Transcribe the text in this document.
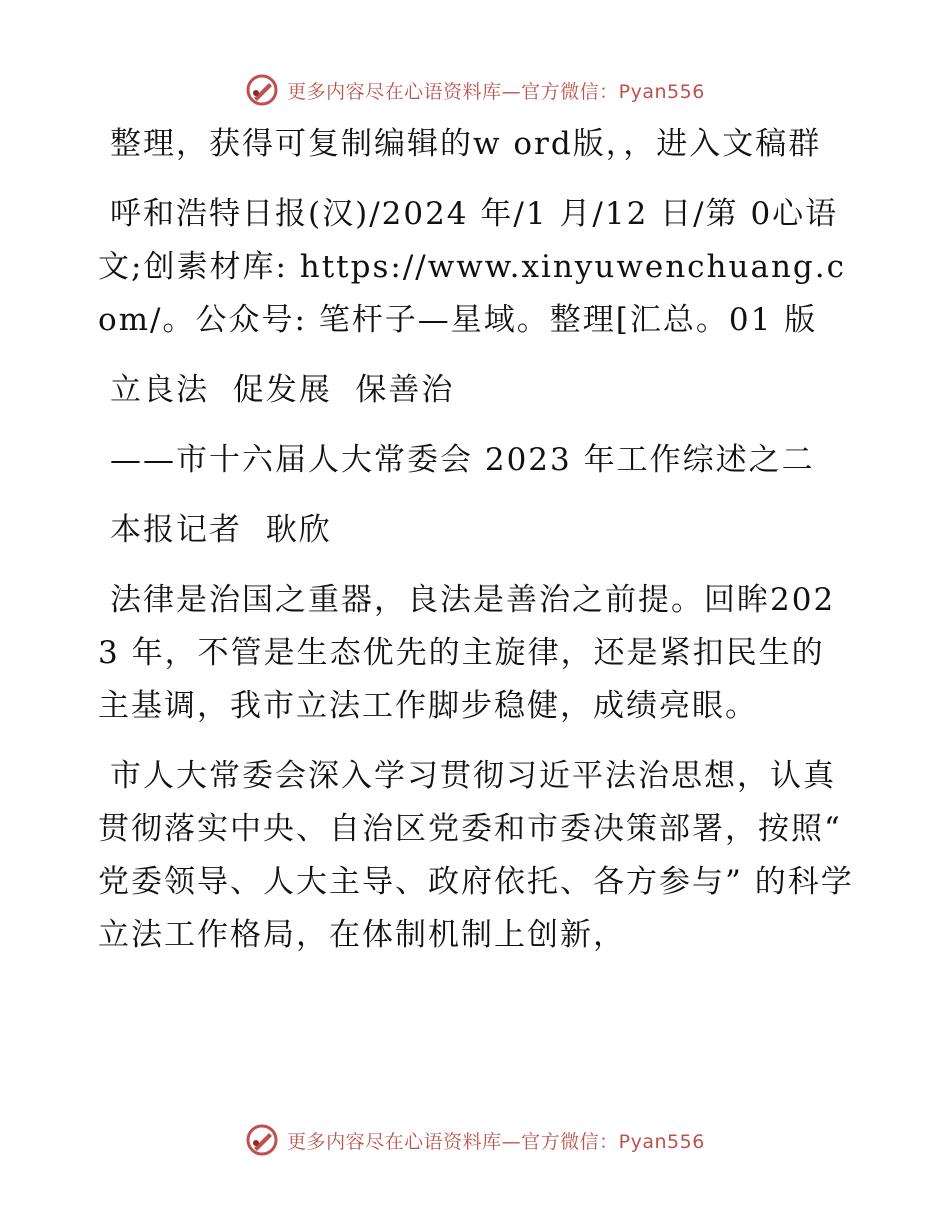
更多内容尽在心语资料库—官方微信：Pyan556

整理，获得可复制编辑的w ord版，，进入文稿群

呼和浩特日报(汉)/2024 年/1 月/12 日/第 0心语文;创素材库: https://www.xinyuwenchuang.com/。公众号: 笔杆子—星域。整理[汇总。01 版

立良法  促发展  保善治

——市十六届人大常委会 2023 年工作综述之二

本报记者  耿欣

法律是治国之重器，良法是善治之前提。回眸2023 年，不管是生态优先的主旋律，还是紧扣民生的主基调，我市立法工作脚步稳健，成绩亮眼。

市人大常委会深入学习贯彻习近平法治思想，认真贯彻落实中央、自治区党委和市委决策部署，按照“ 党委领导、人大主导、政府依托、各方参与” 的科学立法工作格局，在体制机制上创新，

更多内容尽在心语资料库—官方微信：Pyan556
